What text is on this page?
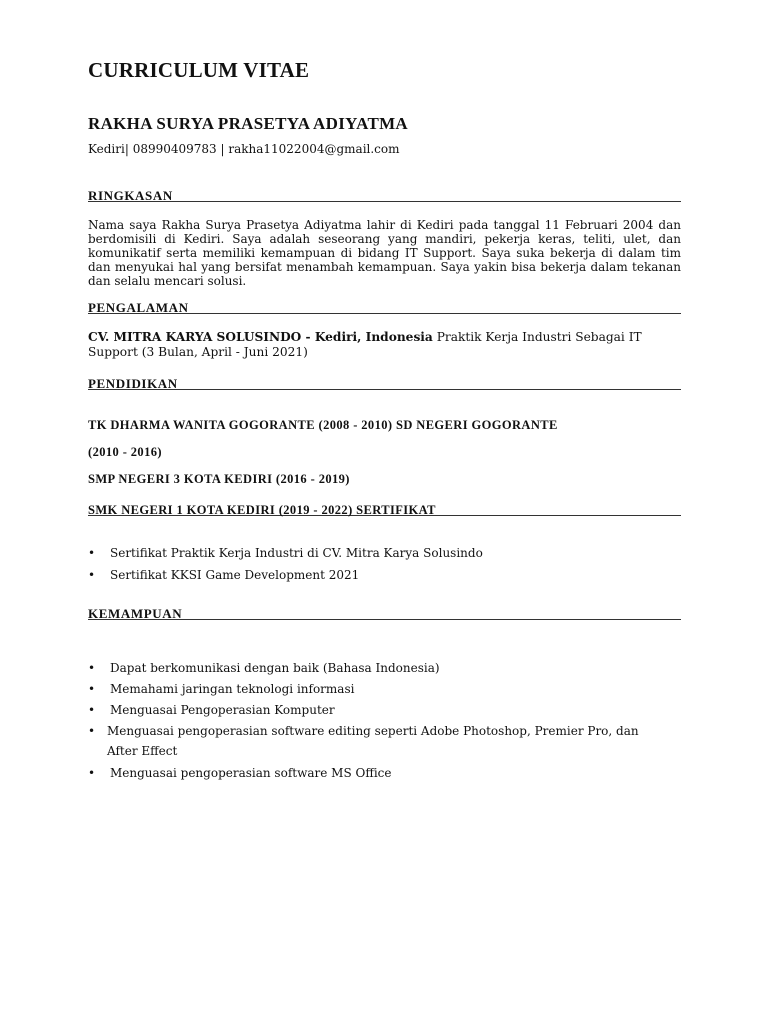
CURRICULUM VITAE
RAKHA SURYA PRASETYA ADIYATMA
Kediri| 08990409783 | rakha11022004@gmail.com
RINGKASAN

Nama saya Rakha Surya Prasetya Adiyatma lahir di Kediri pada tanggal 11 Februari 2004 dan berdomisili di Kediri. Saya adalah seseorang yang mandiri, pekerja keras, teliti, ulet, dan komunikatif serta memiliki kemampuan di bidang IT Support. Saya suka bekerja di dalam tim dan menyukai hal yang bersifat menambah kemampuan. Saya yakin bisa bekerja dalam tekanan dan selalu mencari solusi.

PENGALAMAN

CV. MITRA KARYA SOLUSINDO - Kediri, Indonesia Praktik Kerja Industri Sebagai IT Support (3 Bulan, April - Juni 2021)

PENDIDIKAN
TK DHARMA WANITA GOGORANTE (2008 - 2010) SD NEGERI GOGORANTE
(2010 - 2016)
SMP NEGERI 3 KOTA KEDIRI (2016 - 2019)
SMK NEGERI 1 KOTA KEDIRI (2019 - 2022) SERTIFIKAT
• Sertifikat Praktik Kerja Industri di CV. Mitra Karya Solusindo
• Sertifikat KKSI Game Development 2021
KEMAMPUAN
• Dapat berkomunikasi dengan baik (Bahasa Indonesia)
• Memahami jaringan teknologi informasi
• Menguasai Pengoperasian Komputer
• Menguasai pengoperasian software editing seperti Adobe Photoshop, Premier Pro, dan After Effect
• Menguasai pengoperasian software MS Office
